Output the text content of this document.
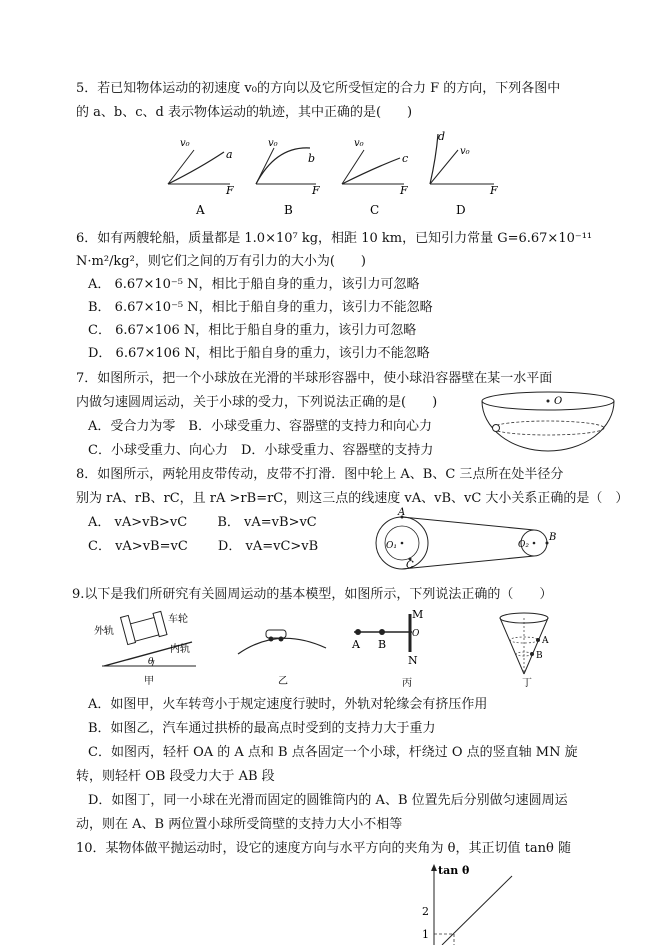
5．若已知物体运动的初速度 v₀的方向以及它所受恒定的合力 F 的方向，下列各图中
的 a、b、c、d 表示物体运动的轨迹，其中正确的是(　　)
v₀
a
F
A
v₀
b
F
B
v₀
c
F
C
v₀
d
F
D
6．如有两艘轮船，质量都是 1.0×10⁷ kg，相距 10 km，已知引力常量 G=6.67×10⁻¹¹
N·m²/kg²，则它们之间的万有引力的大小为(　　)
A． 6.67×10⁻⁵ N，相比于船自身的重力，该引力可忽略
B． 6.67×10⁻⁵ N，相比于船自身的重力，该引力不能忽略
C． 6.67×106 N，相比于船自身的重力，该引力可忽略
D． 6.67×106 N，相比于船自身的重力，该引力不能忽略
7．如图所示，把一个小球放在光滑的半球形容器中，使小球沿容器壁在某一水平面
内做匀速圆周运动，关于小球的受力，下列说法正确的是(　　)
A．受合力为零　B．小球受重力、容器壁的支持力和向心力
C．小球受重力、向心力　D．小球受重力、容器壁的支持力
O
8．如图所示，两轮用皮带传动，皮带不打滑．图中轮上 A、B、C 三点所在处半径分
别为 rA、rB、rC，且 rA >rB=rC，则这三点的线速度 vA、vB、vC 大小关系正确的是（　）
A． vA>vB>vC　　 B． vA=vB>vC
C． vA>vB=vC　　 D． vA=vC>vB
A
O₁
C
O₂
B
9.以下是我们所研究有关圆周运动的基本模型，如图所示，下列说法正确的（　　）
外轨
车轮
内轨
θ
甲	乙
M
O
N
A B
丙
A
B
丁
A．如图甲，火车转弯小于规定速度行驶时，外轨对轮缘会有挤压作用
B．如图乙，汽车通过拱桥的最高点时受到的支持力大于重力
C．如图丙，轻杆 OA 的 A 点和 B 点各固定一个小球，杆绕过 O 点的竖直轴 MN 旋
转，则轻杆 OB 段受力大于 AB 段
D．如图丁，同一小球在光滑而固定的圆锥筒内的 A、B 位置先后分别做匀速圆周运
动，则在 A、B 两位置小球所受筒壁的支持力大小不相等
10．某物体做平抛运动时，设它的速度方向与水平方向的夹角为 θ，其正切值 tanθ 随
tan θ
2
1
